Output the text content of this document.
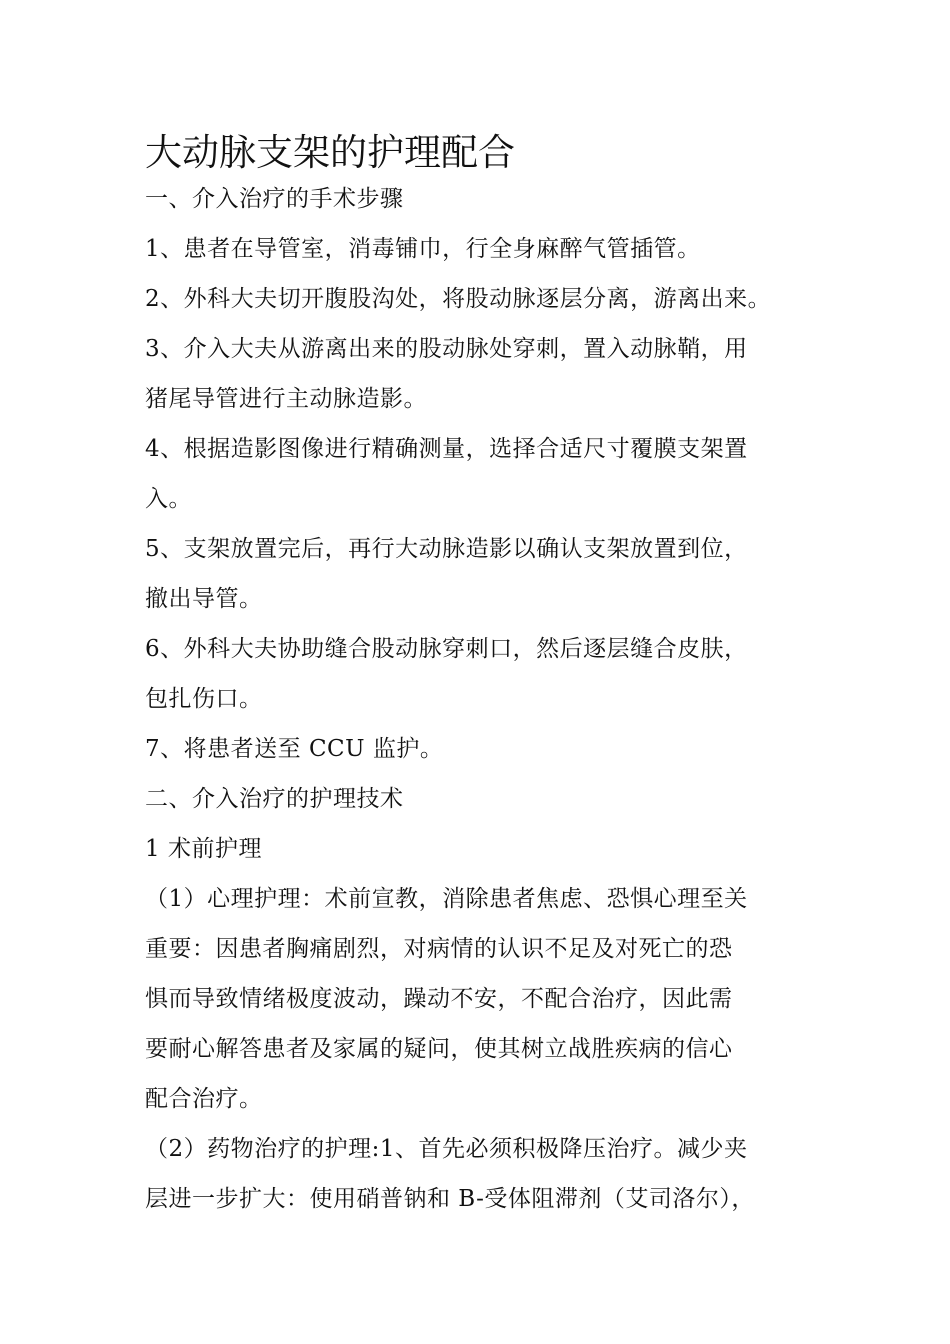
大动脉支架的护理配合
一、介入治疗的手术步骤
1、患者在导管室，消毒铺巾，行全身麻醉气管插管。
2、外科大夫切开腹股沟处，将股动脉逐层分离，游离出来。
3、介入大夫从游离出来的股动脉处穿刺，置入动脉鞘，用
猪尾导管进行主动脉造影。
4、根据造影图像进行精确测量，选择合适尺寸覆膜支架置
入。
5、支架放置完后，再行大动脉造影以确认支架放置到位，
撤出导管。
6、外科大夫协助缝合股动脉穿刺口，然后逐层缝合皮肤，
包扎伤口。
7、将患者送至 CCU 监护。
二、介入治疗的护理技术
1 术前护理
（1）心理护理：术前宣教，消除患者焦虑、恐惧心理至关
重要：因患者胸痛剧烈，对病情的认识不足及对死亡的恐
惧而导致情绪极度波动，躁动不安，不配合治疗，因此需
要耐心解答患者及家属的疑问，使其树立战胜疾病的信心
配合治疗。
（2）药物治疗的护理:1、首先必须积极降压治疗。减少夹
层进一步扩大：使用硝普钠和 B-受体阻滞剂（艾司洛尔），
